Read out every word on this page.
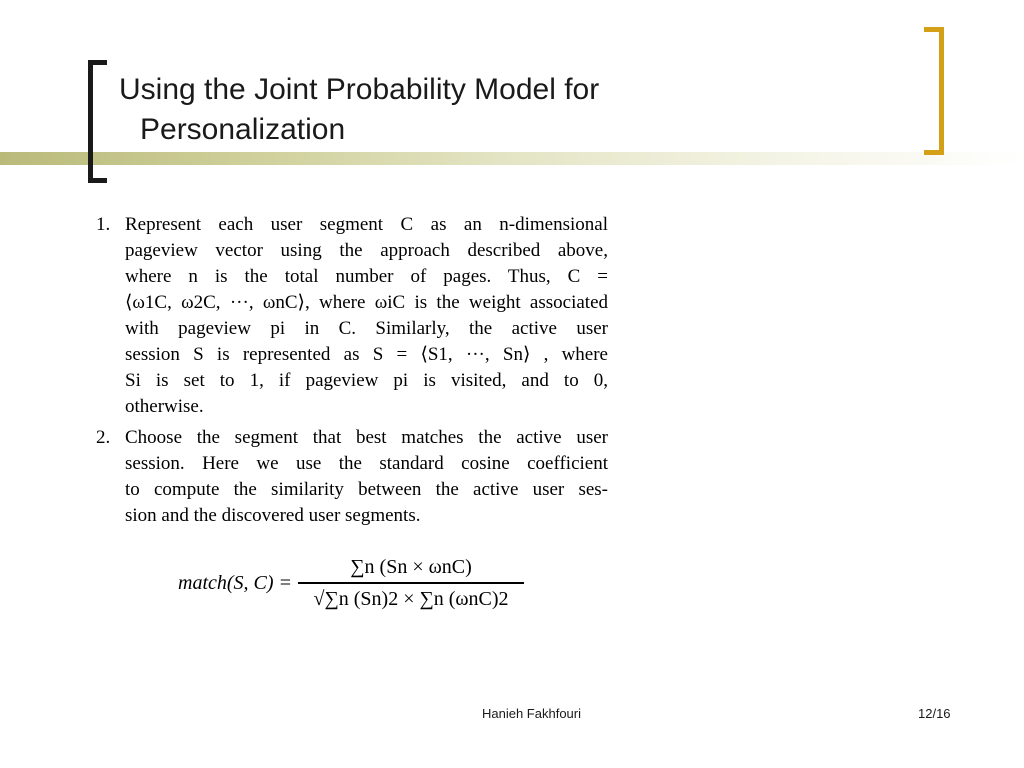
Using the Joint Probability Model for
Personalization
1. Represent each user segment C as an n-dimensional
pageview vector using the approach described above,
where n is the total number of pages. Thus, C =
⟨ω1C, ω2C, ···, ωnC⟩, where ωiC is the weight associated
with pageview pi in C. Similarly, the active user
session S is represented as S = ⟨S1, ···, Sn⟩ , where
Si is set to 1, if pageview pi is visited, and to 0,
otherwise.
2. Choose the segment that best matches the active user
session. Here we use the standard cosine coefficient
to compute the similarity between the active user ses-
sion and the discovered user segments.
match(S, $C) = \frac{\text{∑n (Sn × ωnC)}}{\text{√∑n (Sn)2 × ∑n (ωnC)2}}$
Hanieh Fakhfouri	12/16
